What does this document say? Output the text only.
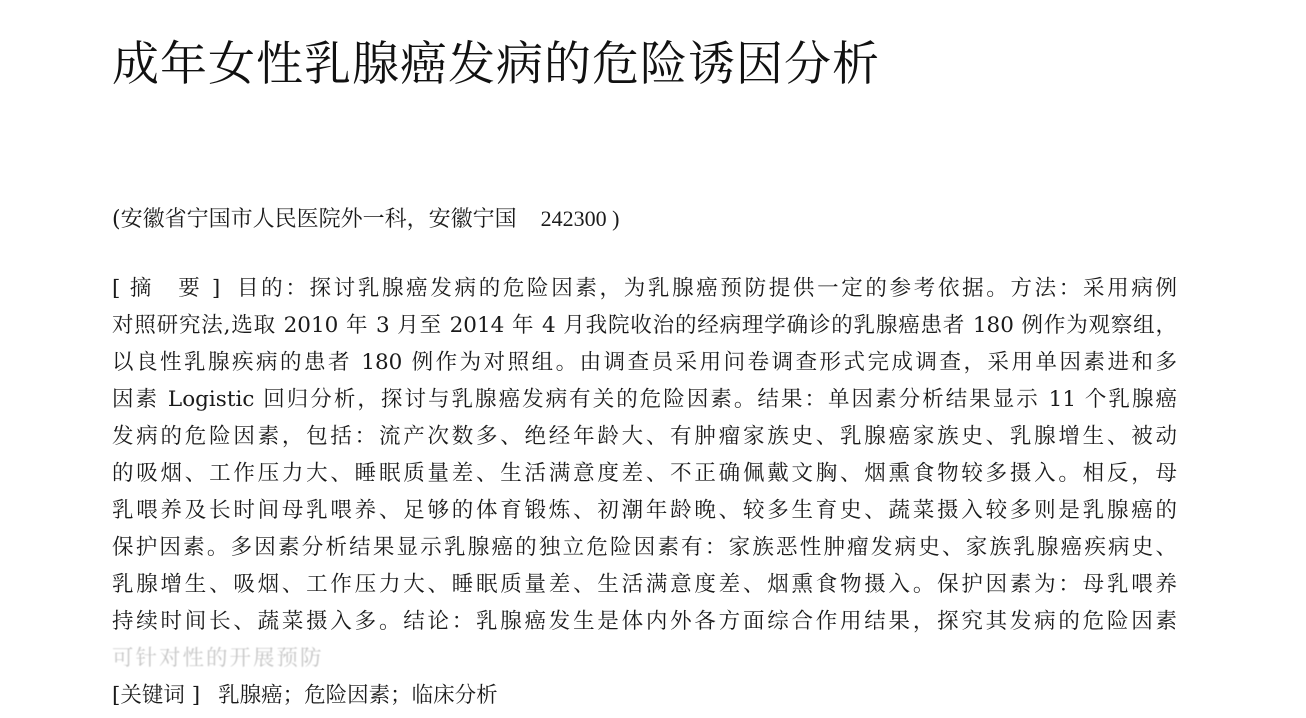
成年女性乳腺癌发病的危险诱因分析
(安徽省宁国市人民医院外一科，安徽宁国 242300 )
[ 摘　要 ] 目的：探讨乳腺癌发病的危险因素，为乳腺癌预防提供一定的参考依据。方法：采用病例
对照研究法,选取 2010 年 3 月至 2014 年 4 月我院收治的经病理学确诊的乳腺癌患者 180 例作为观察组，
以良性乳腺疾病的患者 180 例作为对照组。由调查员采用问卷调查形式完成调查，采用单因素进和多
因素 Logistic 回归分析，探讨与乳腺癌发病有关的危险因素。结果：单因素分析结果显示 11 个乳腺癌
发病的危险因素，包括：流产次数多、绝经年龄大、有肿瘤家族史、乳腺癌家族史、乳腺增生、被动
的吸烟、工作压力大、睡眠质量差、生活满意度差、不正确佩戴文胸、烟熏食物较多摄入。相反，母
乳喂养及长时间母乳喂养、足够的体育锻炼、初潮年龄晚、较多生育史、蔬菜摄入较多则是乳腺癌的
保护因素。多因素分析结果显示乳腺癌的独立危险因素有：家族恶性肿瘤发病史、家族乳腺癌疾病史、
乳腺增生、吸烟、工作压力大、睡眠质量差、生活满意度差、烟熏食物摄入。保护因素为：母乳喂养
持续时间长、蔬菜摄入多。结论：乳腺癌发生是体内外各方面综合作用结果，探究其发病的危险因素
可针对性的开展预防
[关键词 ] 乳腺癌；危险因素；临床分析
